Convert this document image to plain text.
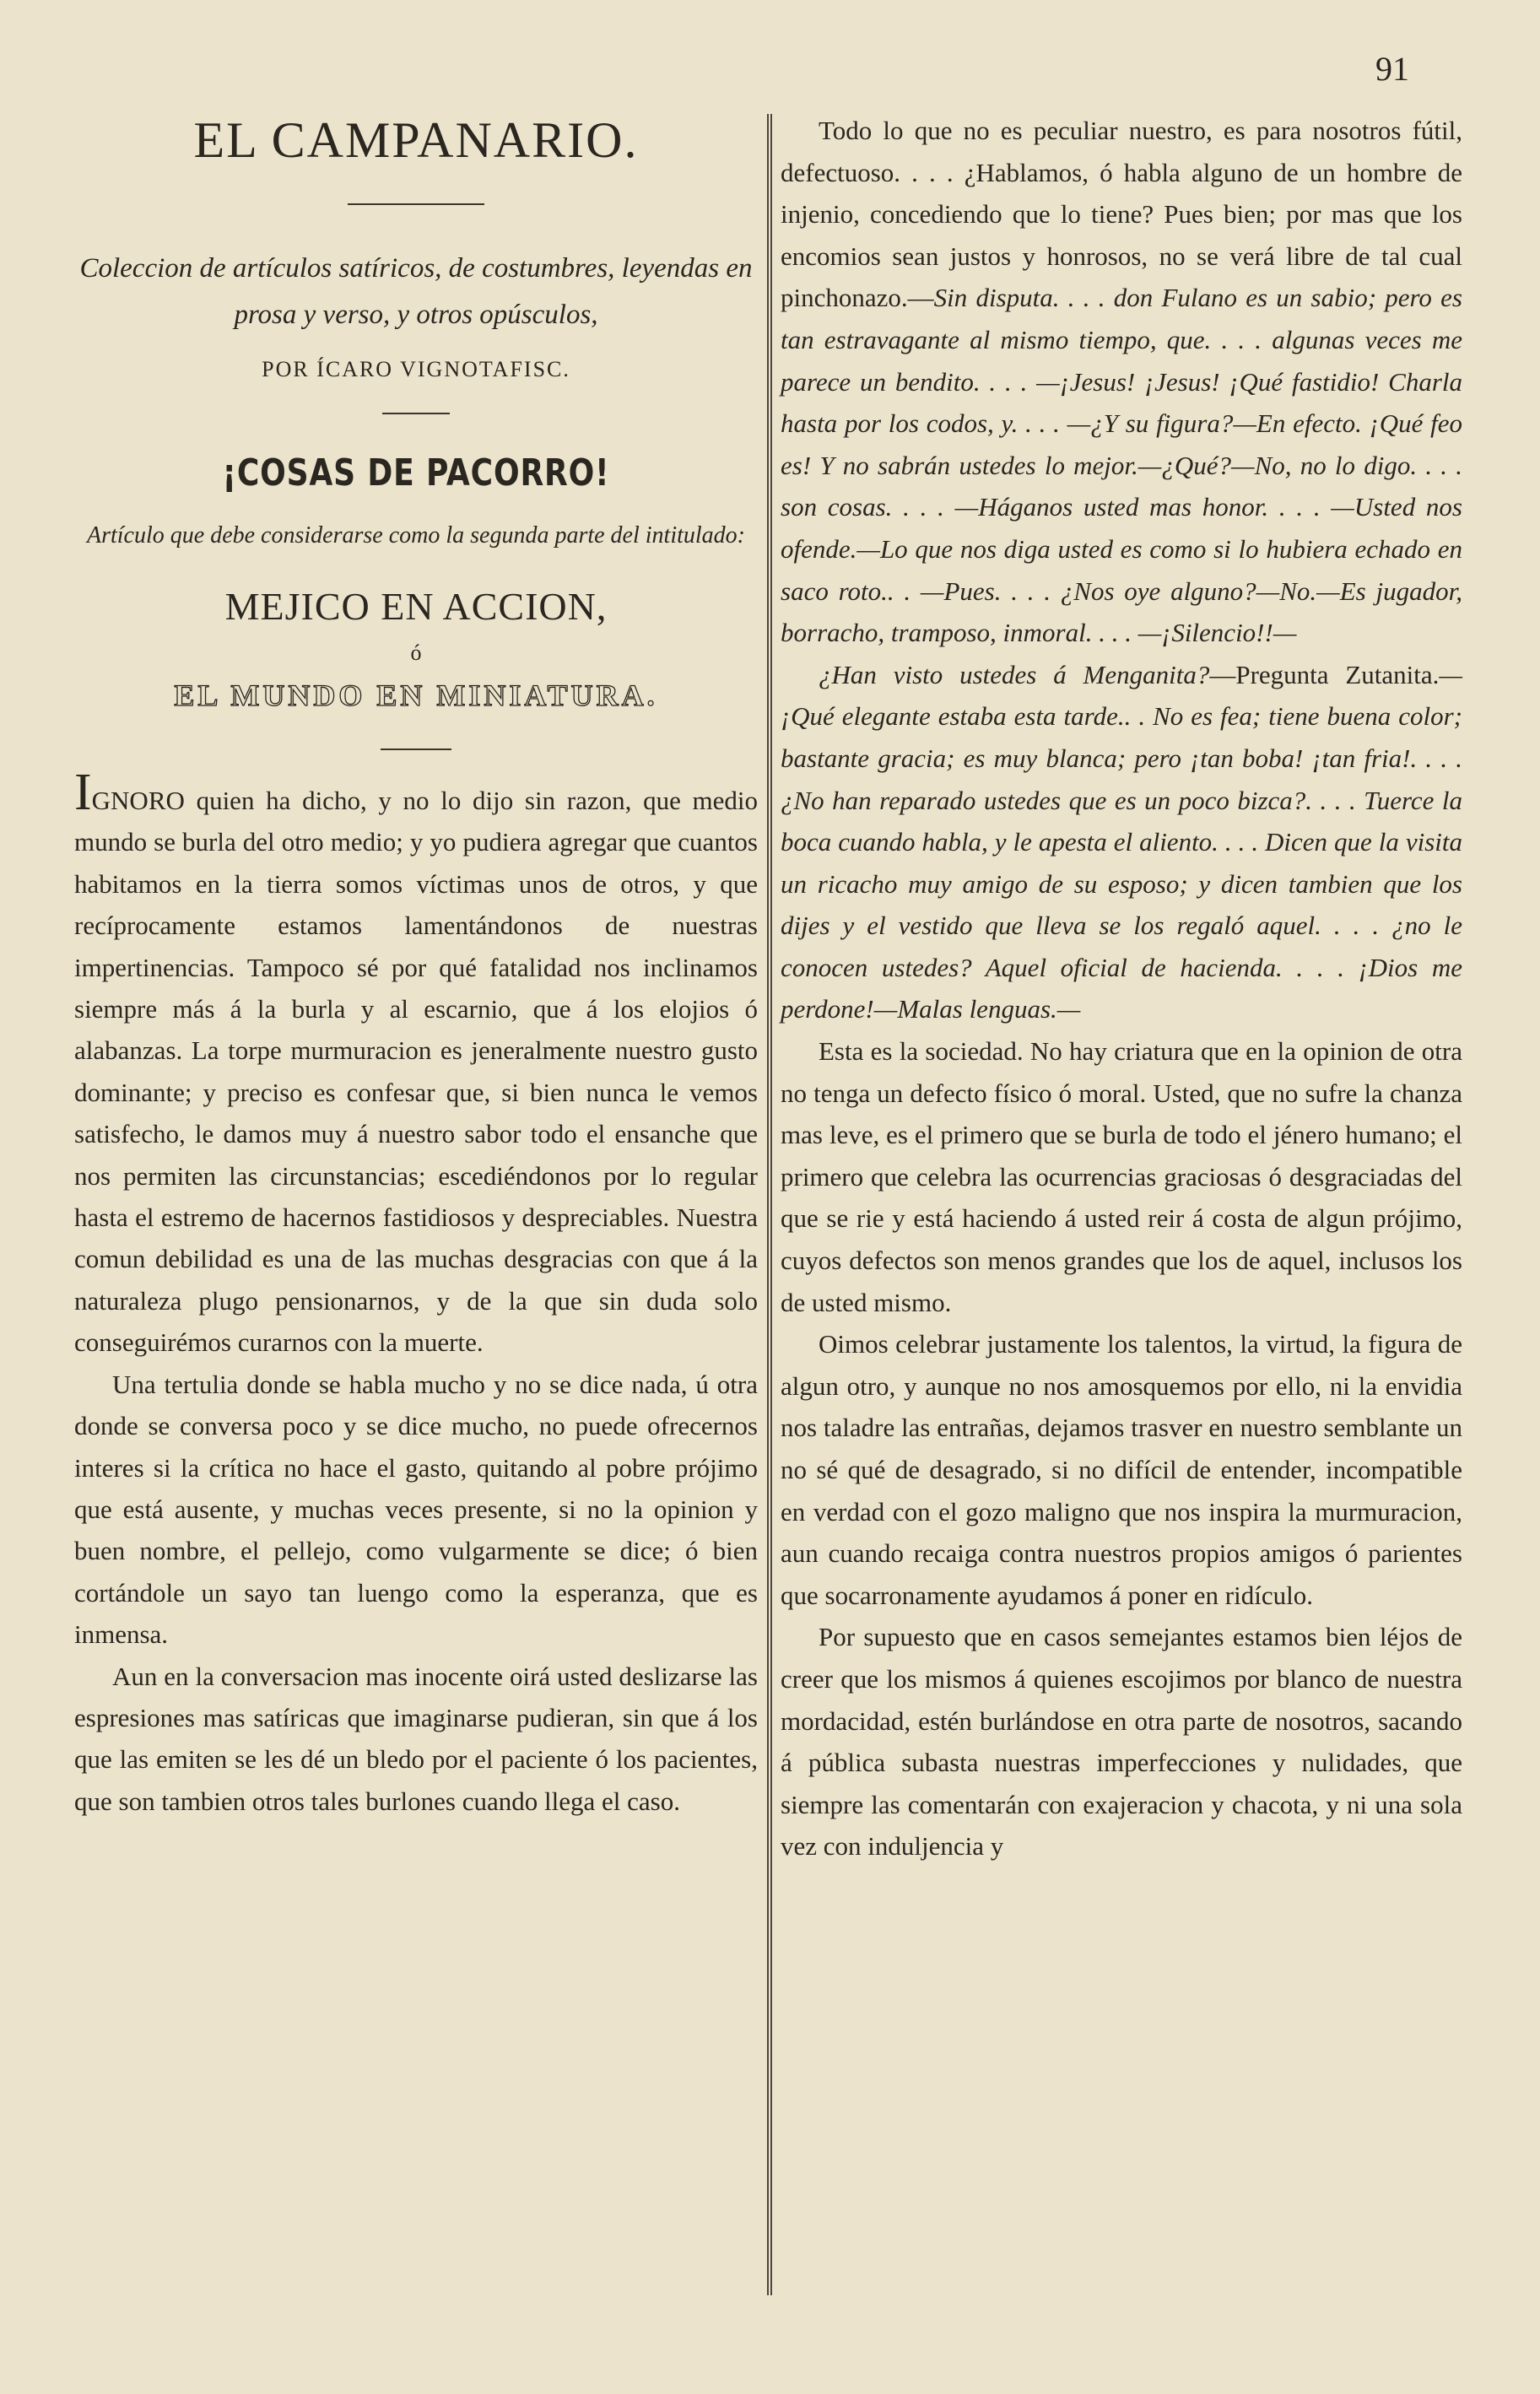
91
EL CAMPANARIO.

Coleccion de artículos satíricos, de costumbres, leyendas en prosa y verso, y otros opúsculos,

POR ÍCARO VIGNOTAFISC.
¡COSAS DE PACORRO!
Artículo que debe considerarse como la segunda parte del intitulado:
MEJICO EN ACCION,
ó
EL MUNDO EN MINIATURA.

IGNORO quien ha dicho, y no lo dijo sin razon, que medio mundo se burla del otro medio; y yo pudiera agregar que cuantos habitamos en la tierra somos víctimas unos de otros, y que recíprocamente estamos lamentándonos de nuestras impertinencias. Tampoco sé por qué fatalidad nos inclinamos siempre más á la burla y al escarnio, que á los elojios ó alabanzas. La torpe murmuracion es jeneralmente nuestro gusto dominante; y preciso es confesar que, si bien nunca le vemos satisfecho, le damos muy á nuestro sabor todo el ensanche que nos permiten las circunstancias; escediéndonos por lo regular hasta el estremo de hacernos fastidiosos y despreciables. Nuestra comun debilidad es una de las muchas desgracias con que á la naturaleza plugo pensionarnos, y de la que sin duda solo conseguirémos curarnos con la muerte.

Una tertulia donde se habla mucho y no se dice nada, ú otra donde se conversa poco y se dice mucho, no puede ofrecernos interes si la crítica no hace el gasto, quitando al pobre prójimo que está ausente, y muchas veces presente, si no la opinion y buen nombre, el pellejo, como vulgarmente se dice; ó bien cortándole un sayo tan luengo como la esperanza, que es inmensa.

Aun en la conversacion mas inocente oirá usted deslizarse las espresiones mas satíricas que imaginarse pudieran, sin que á los que las emiten se les dé un bledo por el paciente ó los pacientes, que son tambien otros tales burlones cuando llega el caso.

Todo lo que no es peculiar nuestro, es para nosotros fútil, defectuoso. . . . ¿Hablamos, ó habla alguno de un hombre de injenio, concediendo que lo tiene? Pues bien; por mas que los encomios sean justos y honrosos, no se verá libre de tal cual pinchonazo.—Sin disputa. . . . don Fulano es un sabio; pero es tan estravagante al mismo tiempo, que. . . . algunas veces me parece un bendito. . . . —¡Jesus! ¡Jesus! ¡Qué fastidio! Charla hasta por los codos, y. . . . —¿Y su figura?—En efecto. ¡Qué feo es! Y no sabrán ustedes lo mejor.—¿Qué?—No, no lo digo. . . . son cosas. . . . —Háganos usted mas honor. . . . —Usted nos ofende.—Lo que nos diga usted es como si lo hubiera echado en saco roto.. . —Pues. . . . ¿Nos oye alguno?—No.—Es jugador, borracho, tramposo, inmoral. . . . —¡Silencio!!—

¿Han visto ustedes á Menganita?—Pregunta Zutanita.—¡Qué elegante estaba esta tarde.. . No es fea; tiene buena color; bastante gracia; es muy blanca; pero ¡tan boba! ¡tan fria!. . . . ¿No han reparado ustedes que es un poco bizca?. . . . Tuerce la boca cuando habla, y le apesta el aliento. . . . Dicen que la visita un ricacho muy amigo de su esposo; y dicen tambien que los dijes y el vestido que lleva se los regaló aquel. . . . ¿no le conocen ustedes? Aquel oficial de hacienda. . . . ¡Dios me perdone!—Malas lenguas.—

Esta es la sociedad. No hay criatura que en la opinion de otra no tenga un defecto físico ó moral. Usted, que no sufre la chanza mas leve, es el primero que se burla de todo el jénero humano; el primero que celebra las ocurrencias graciosas ó desgraciadas del que se rie y está haciendo á usted reir á costa de algun prójimo, cuyos defectos son menos grandes que los de aquel, inclusos los de usted mismo.

Oimos celebrar justamente los talentos, la virtud, la figura de algun otro, y aunque no nos amosquemos por ello, ni la envidia nos taladre las entrañas, dejamos trasver en nuestro semblante un no sé qué de desagrado, si no difícil de entender, incompatible en verdad con el gozo maligno que nos inspira la murmuracion, aun cuando recaiga contra nuestros propios amigos ó parientes que socarronamente ayudamos á poner en ridículo.

Por supuesto que en casos semejantes estamos bien léjos de creer que los mismos á quienes escojimos por blanco de nuestra mordacidad, estén burlándose en otra parte de nosotros, sacando á pública subasta nuestras imperfecciones y nulidades, que siempre las comentarán con exajeracion y chacota, y ni una sola vez con induljencia y
